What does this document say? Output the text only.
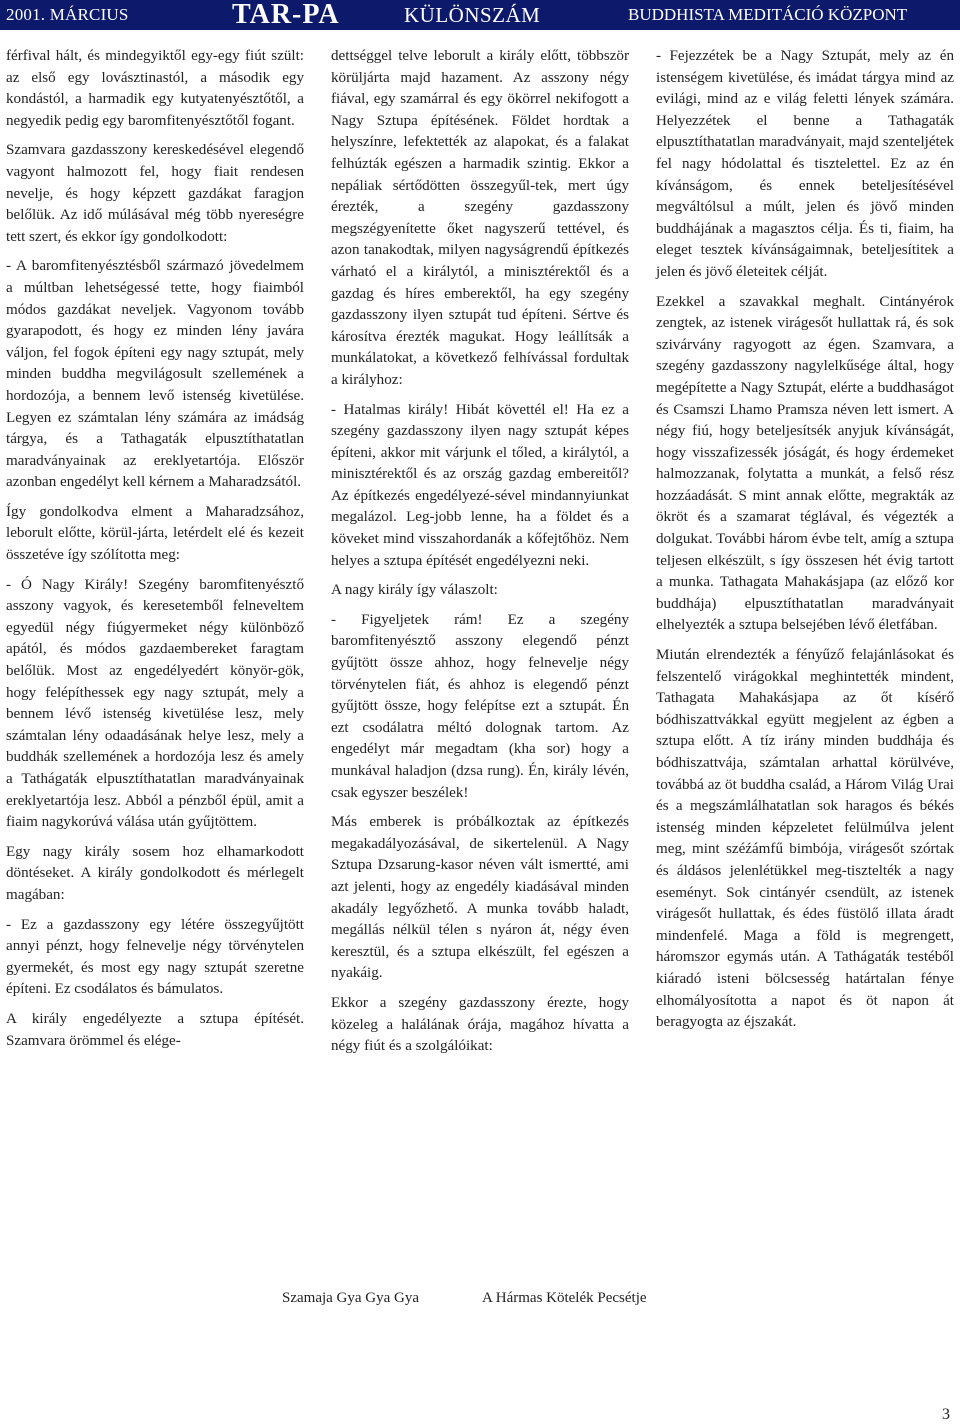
2001. MÁRCIUS	TAR-PA	KÜLÖNSZÁM	BUDDHISTA MEDITÁCIÓ KÖZPONT

férfival hált, és mindegyiktől egy-egy fiút szült: az első egy lovásztinastól, a második egy kondástól, a harmadik egy kutyatenyésztőtől, a negyedik pedig egy baromfitenyésztőtől fogant.

Szamvara gazdasszony kereskedésével elegendő vagyont halmozott fel, hogy fiait rendesen nevelje, és hogy képzett gazdákat faragjon belőlük. Az idő múlásával még több nyereségre tett szert, és ekkor így gondolkodott:

- A baromfitenyésztésből származó jövedelmem a múltban lehetségessé tette, hogy fiaimból módos gazdákat neveljek. Vagyonom tovább gyarapodott, és hogy ez minden lény javára váljon, fel fogok építeni egy nagy sztupát, mely minden buddha megvilágosult szellemének a hordozója, a bennem levő istenség kivetülése. Legyen ez számtalan lény számára az imádság tárgya, és a Tathagaták elpusztíthatatlan maradványainak az ereklyetartója. Először azonban engedélyt kell kérnem a Maharadzsától.

Így gondolkodva elment a Maharadzsához, leborult előtte, körül-járta, letérdelt elé és kezeit összetéve így szólította meg:

- Ó Nagy Király! Szegény baromfitenyésztő asszony vagyok, és keresetemből felneveltem egyedül négy fiúgyermeket négy különböző apától, és módos gazdaembereket faragtam belőlük. Most az engedélyedért könyör-gök, hogy felépíthessek egy nagy sztupát, mely a bennem lévő istenség kivetülése lesz, mely számtalan lény odaadásának helye lesz, mely a buddhák szellemének a hordozója lesz és amely a Tathágaták elpusztíthatatlan maradványainak ereklyetartója lesz. Abból a pénzből épül, amit a fiaim nagykorúvá válása után gyűjtöttem.

Egy nagy király sosem hoz elhamarkodott döntéseket. A király gondolkodott és mérlegelt magában:

- Ez a gazdasszony egy létére összegyűjtött annyi pénzt, hogy felnevelje négy törvénytelen gyermekét, és most egy nagy sztupát szeretne építeni. Ez csodálatos és bámulatos.

A király engedélyezte a sztupa építését. Szamvara örömmel és elége-

dettséggel telve leborult a király előtt, többször körüljárta majd hazament. Az asszony négy fiával, egy szamárral és egy ökörrel nekifogott a Nagy Sztupa építésének. Földet hordtak a helyszínre, lefektették az alapokat, és a falakat felhúzták egészen a harmadik szintig. Ekkor a nepáliak sértődötten összegyűl-tek, mert úgy érezték, a szegény gazdasszony megszégyenítette őket nagyszerű tettével, és azon tanakodtak, milyen nagyságrendű építkezés várható el a királytól, a minisztérektől és a gazdag és híres emberektől, ha egy szegény gazdasszony ilyen sztupát tud építeni. Sértve és károsítva érezték magukat. Hogy leállítsák a munkálatokat, a következő felhívással fordultak a királyhoz:

- Hatalmas király! Hibát követtél el! Ha ez a szegény gazdasszony ilyen nagy sztupát képes építeni, akkor mit várjunk el tőled, a királytól, a minisztérektől és az ország gazdag embereitől? Az építkezés engedélyezé-sével mindannyiunkat megalázol. Leg-jobb lenne, ha a földet és a köveket mind visszahordanák a kőfejtőhöz. Nem helyes a sztupa építését engedélyezni neki.

A nagy király így válaszolt:

- Figyeljetek rám! Ez a szegény baromfitenyésztő asszony elegendő pénzt gyűjtött össze ahhoz, hogy felnevelje négy törvénytelen fiát, és ahhoz is elegendő pénzt gyűjtött össze, hogy felépítse ezt a sztupát. Én ezt csodálatra méltó dolognak tartom. Az engedélyt már megadtam (kha sor) hogy a munkával haladjon (dzsa rung). Én, király lévén, csak egyszer beszélek!

Más emberek is próbálkoztak az építkezés megakadályozásával, de sikertelenül. A Nagy Sztupa Dzsarung-kasor néven vált ismertté, ami azt jelenti, hogy az engedély kiadásával minden akadály legyőzhető. A munka tovább haladt, megállás nélkül télen s nyáron át, négy éven keresztül, és a sztupa elkészült, fel egészen a nyakáig.

Ekkor a szegény gazdasszony érezte, hogy közeleg a halálának órája, magához hívatta a négy fiút és a szolgálóikat:

- Fejezzétek be a Nagy Sztupát, mely az én istenségem kivetülése, és imádat tárgya mind az evilági, mind az e világ feletti lények számára. Helyezzétek el benne a Tathagaták elpusztíthatatlan maradványait, majd szenteljétek fel nagy hódolattal és tisztelettel. Ez az én kívánságom, és ennek beteljesítésével megváltólsul a múlt, jelen és jövő minden buddhájának a magasztos célja. És ti, fiaim, ha eleget tesztek kívánságaimnak, beteljesítitek a jelen és jövő életeitek célját.

Ezekkel a szavakkal meghalt. Cintányérok zengtek, az istenek virágesőt hullattak rá, és sok szivárvány ragyogott az égen. Szamvara, a szegény gazdasszony nagylelkűsége által, hogy megépítette a Nagy Sztupát, elérte a buddhaságot és Csamszi Lhamo Pramsza néven lett ismert. A négy fiú, hogy beteljesítsék anyjuk kívánságát, hogy visszafizessék jóságát, és hogy érdemeket halmozzanak, folytatta a munkát, a felső rész hozzáadását. S mint annak előtte, megrakták az ökröt és a szamarat téglával, és végezték a dolgukat. További három évbe telt, amíg a sztupa teljesen elkészült, s így összesen hét évig tartott a munka. Tathagata Mahakásjapa (az előző kor buddhája) elpusztíthatatlan maradványait elhelyezték a sztupa belsejében lévő életfában.

Miután elrendezték a fényűző felajánlásokat és felszentelő virágokkal meghintették mindent, Tathagata Mahakásjapa az őt kísérő bódhiszattvákkal együtt megjelent az égben a sztupa előtt. A tíz irány minden buddhája és bódhiszattvája, számtalan arhattal körülvéve, továbbá az öt buddha család, a Három Világ Urai és a megszámlálhatatlan sok haragos és békés istenség minden képzeletet felülmúlva jelent meg, mint széźámfű bimbója, virágesőt szórtak és áldásos jelenlétükkel meg-tisztelték a nagy eseményt. Sok cintányér csendült, az istenek virágesőt hullattak, és édes füstölő illata áradt mindenfelé. Maga a föld is megrengett, háromszor egymás után. A Tathágaták testéből kiáradó isteni bölcsesség határtalan fénye elhomályosította a napot és öt napon át beragyogta az éjszakát.

Szamaja Gya Gya Gya	A Hármas Kötelék Pecsétje
3
